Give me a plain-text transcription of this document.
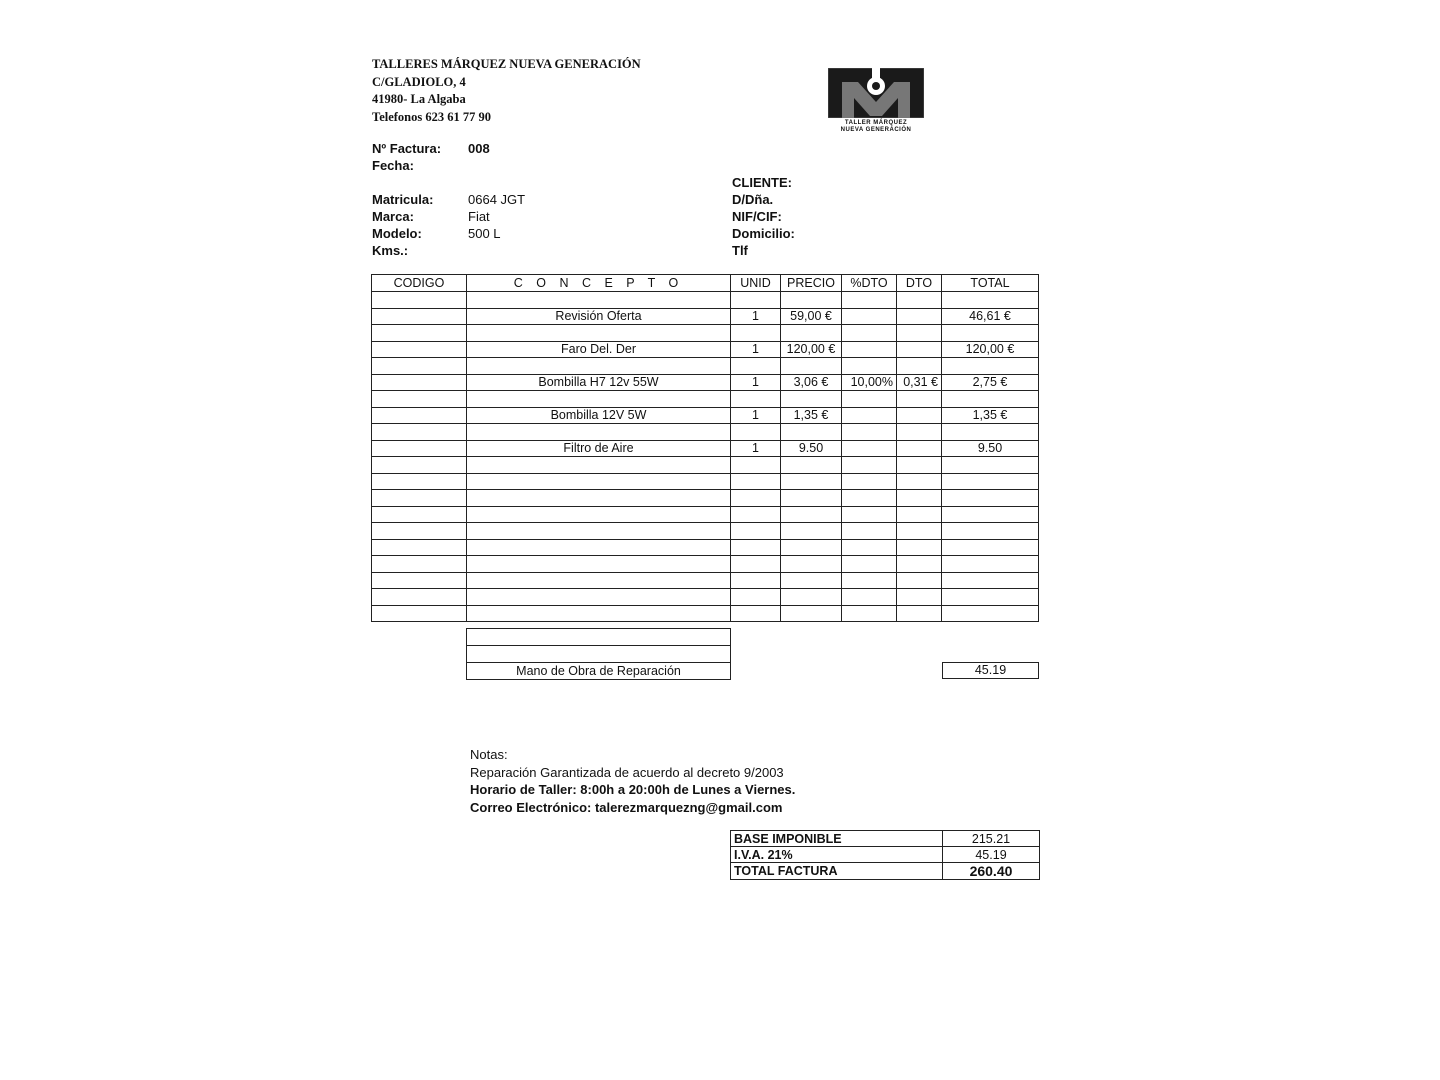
TALLERES MÁRQUEZ NUEVA GENERACIÓN
C/GLADIOLO, 4
41980- La Algaba
Telefonos 623 61 77 90	TALLER MÁRQUEZ
NUEVA GENERACIÓN
Nº Factura: 008
Fecha:
Matricula:	0664 JGT
Marca:	Fiat
Modelo:	500 L
Kms.:
CLIENTE:
D/Dña.
NIF/CIF:
Domicilio:
Tlf
CODIGO	C O N C E P T O	UNID	PRECIO	%DTO	DTO	TOTAL

	Revisión Oferta	1	59,00 €			46,61 €

	Faro Del. Der	1	120,00 €			120,00 €

	Bombilla H7 12v 55W	1	3,06 €	10,00%	0,31 €	2,75 €

	Bombilla 12V 5W	1	1,35 €			1,35 €

	Filtro de Aire	1	9.50			9.50

Mano de Obra de Reparación	45.19
Notas:
Reparación Garantizada de acuerdo al decreto 9/2003
Horario de Taller: 8:00h a 20:00h de Lunes a Viernes.
Correo Electrónico: talerezmarquezng@gmail.com
BASE IMPONIBLE	215.21
I.V.A. 21%	45.19
TOTAL FACTURA	260.40
